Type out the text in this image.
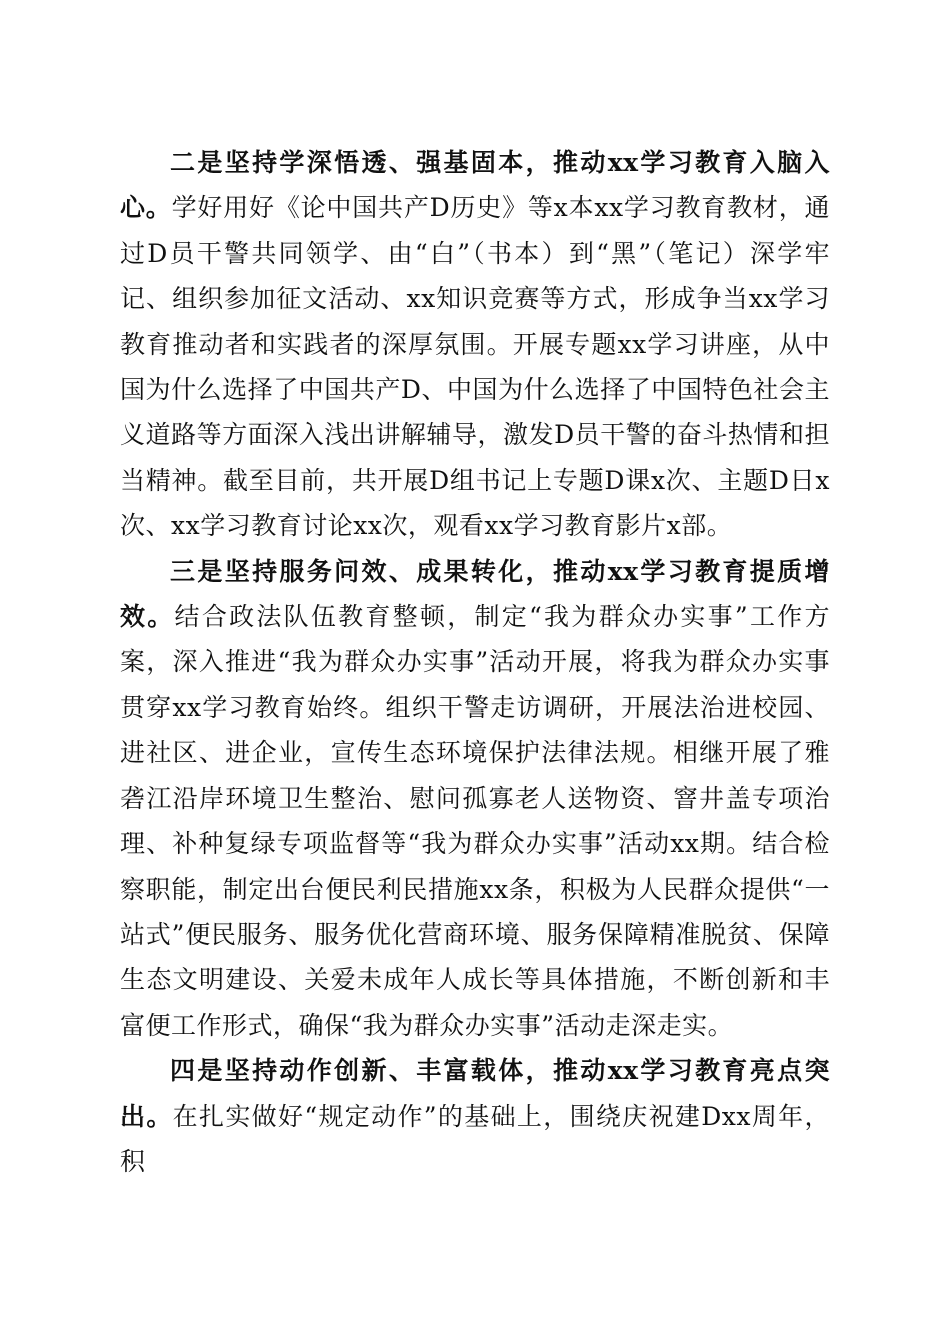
二是坚持学深悟透、强基固本，推动xx学习教育入脑入心。学好用好《论中国共产D历史》等x本xx学习教育教材，通过D员干警共同领学、由“白”（书本）到“黑”（笔记）深学牢记、组织参加征文活动、xx知识竞赛等方式，形成争当xx学习教育推动者和实践者的深厚氛围。开展专题xx学习讲座，从中国为什么选择了中国共产D、中国为什么选择了中国特色社会主义道路等方面深入浅出讲解辅导，激发D员干警的奋斗热情和担当精神。截至目前，共开展D组书记上专题D课x次、主题D日x次、xx学习教育讨论xx次，观看xx学习教育影片x部。

三是坚持服务问效、成果转化，推动xx学习教育提质增效。结合政法队伍教育整顿，制定“我为群众办实事”工作方案，深入推进“我为群众办实事”活动开展，将我为群众办实事贯穿xx学习教育始终。组织干警走访调研，开展法治进校园、进社区、进企业，宣传生态环境保护法律法规。相继开展了雅砻江沿岸环境卫生整治、慰问孤寡老人送物资、窨井盖专项治理、补种复绿专项监督等“我为群众办实事”活动xx期。结合检察职能，制定出台便民利民措施xx条，积极为人民群众提供“一站式”便民服务、服务优化营商环境、服务保障精准脱贫、保障生态文明建设、关爱未成年人成长等具体措施，不断创新和丰富便工作形式，确保“我为群众办实事”活动走深走实。

四是坚持动作创新、丰富载体，推动xx学习教育亮点突出。在扎实做好“规定动作”的基础上，围绕庆祝建Dxx周年，积
